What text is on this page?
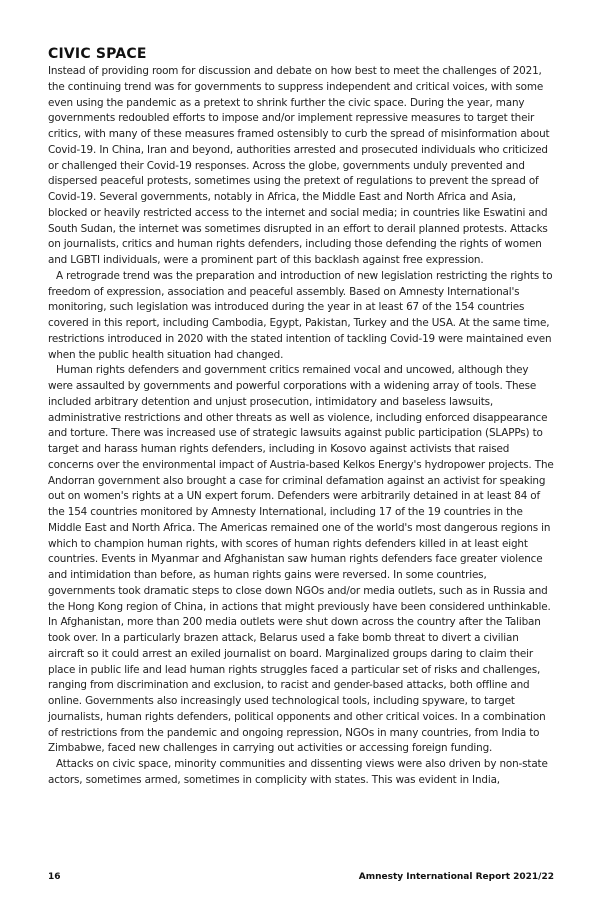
CIVIC SPACE

Instead of providing room for discussion and debate on how best to meet the challenges of 2021, the continuing trend was for governments to suppress independent and critical voices, with some even using the pandemic as a pretext to shrink further the civic space. During the year, many governments redoubled efforts to impose and/or implement repressive measures to target their critics, with many of these measures framed ostensibly to curb the spread of misinformation about Covid-19. In China, Iran and beyond, authorities arrested and prosecuted individuals who criticized or challenged their Covid-19 responses. Across the globe, governments unduly prevented and dispersed peaceful protests, sometimes using the pretext of regulations to prevent the spread of Covid-19. Several governments, notably in Africa, the Middle East and North Africa and Asia, blocked or heavily restricted access to the internet and social media; in countries like Eswatini and South Sudan, the internet was sometimes disrupted in an effort to derail planned protests. Attacks on journalists, critics and human rights defenders, including those defending the rights of women and LGBTI individuals, were a prominent part of this backlash against free expression.

A retrograde trend was the preparation and introduction of new legislation restricting the rights to freedom of expression, association and peaceful assembly. Based on Amnesty International's monitoring, such legislation was introduced during the year in at least 67 of the 154 countries covered in this report, including Cambodia, Egypt, Pakistan, Turkey and the USA. At the same time, restrictions introduced in 2020 with the stated intention of tackling Covid-19 were maintained even when the public health situation had changed.

Human rights defenders and government critics remained vocal and uncowed, although they were assaulted by governments and powerful corporations with a widening array of tools. These included arbitrary detention and unjust prosecution, intimidatory and baseless lawsuits, administrative restrictions and other threats as well as violence, including enforced disappearance and torture. There was increased use of strategic lawsuits against public participation (SLAPPs) to target and harass human rights defenders, including in Kosovo against activists that raised concerns over the environmental impact of Austria-based Kelkos Energy's hydropower projects. The Andorran government also brought a case for criminal defamation against an activist for speaking out on women's rights at a UN expert forum. Defenders were arbitrarily detained in at least 84 of the 154 countries monitored by Amnesty International, including 17 of the 19 countries in the Middle East and North Africa. The Americas remained one of the world's most dangerous regions in which to champion human rights, with scores of human rights defenders killed in at least eight countries. Events in Myanmar and Afghanistan saw human rights defenders face greater violence and intimidation than before, as human rights gains were reversed. In some countries, governments took dramatic steps to close down NGOs and/or media outlets, such as in Russia and the Hong Kong region of China, in actions that might previously have been considered unthinkable. In Afghanistan, more than 200 media outlets were shut down across the country after the Taliban took over. In a particularly brazen attack, Belarus used a fake bomb threat to divert a civilian aircraft so it could arrest an exiled journalist on board. Marginalized groups daring to claim their place in public life and lead human rights struggles faced a particular set of risks and challenges, ranging from discrimination and exclusion, to racist and gender-based attacks, both offline and online. Governments also increasingly used technological tools, including spyware, to target journalists, human rights defenders, political opponents and other critical voices. In a combination of restrictions from the pandemic and ongoing repression, NGOs in many countries, from India to Zimbabwe, faced new challenges in carrying out activities or accessing foreign funding.

Attacks on civic space, minority communities and dissenting views were also driven by non-state actors, sometimes armed, sometimes in complicity with states. This was evident in India,

16	Amnesty International Report 2021/22
